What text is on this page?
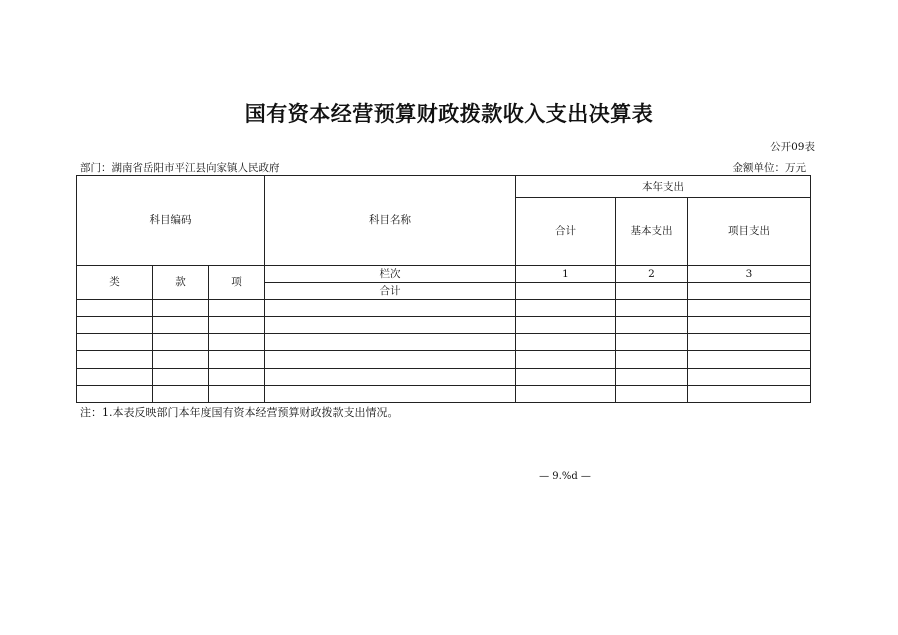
国有资本经营预算财政拨款收入支出决算表
公开09表
部门：湖南省岳阳市平江县向家镇人民政府	金额单位：万元
科目编码			科目名称	本年支出		
				合计	基本支出	项目支出
类	款	项	栏次	1	2	3
			合计			

注：1.本表反映部门本年度国有资本经营预算财政拨款支出情况。
— 9.%d —
